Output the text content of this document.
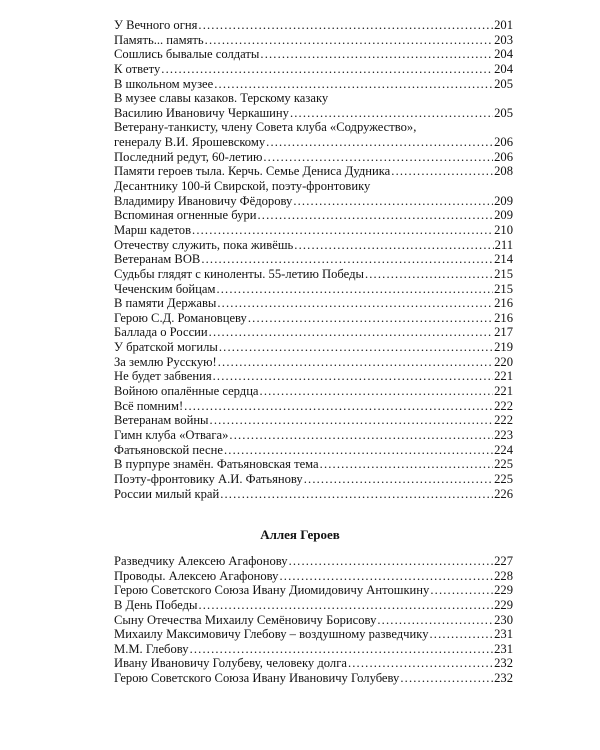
У Вечного огня . . .	201
Память... память . . .	203
Сошлись бывалые солдаты . . .	204
К ответу . . .	204
В школьном музее . . .	205
В музее славы казаков. Терскому казаку
Василию Ивановичу Черкашину . . .	205
Ветерану-танкисту, члену Совета клуба «Содружество»,
генералу В.И. Ярошевскому . . .	206
Последний редут, 60-летию . . .	206
Памяти героев тыла. Керчь. Семье Дениса Дудника . . .	208
Десантнику 100-й Свирской, поэту-фронтовику
Владимиру Ивановичу Фёдорову . . .	209
Вспоминая огненные бури . . .	209
Марш кадетов . . .	210
Отечеству служить, пока живёшь . . .	211
Ветеранам ВОВ . . .	214
Судьбы глядят с киноленты. 55-летию Победы . . .	215
Чеченским бойцам . . .	215
В памяти Державы . . .	216
Герою С.Д. Романовцеву . . .	216
Баллада о России . . .	217
У братской могилы . . .	219
За землю Русскую! . . .	220
Не будет забвения . . .	221
Войною опалённые сердца . . .	221
Всё помним! . . .	222
Ветеранам войны . . .	222
Гимн клуба «Отвага» . . .	223
Фатьяновской песне . . .	224
В пурпуре знамён. Фатьяновская тема . . .	225
Поэту-фронтовику А.И. Фатьянову . . .	225
России милый край . . .	226
Аллея Героев
Разведчику Алексею Агафонову . . .	227
Проводы. Алексею Агафонову . . .	228
Герою Советского Союза Ивану Диомидовичу Антошкину . . .	229
В День Победы . . .	229
Сыну Отечества Михаилу Семёновичу Борисову . . .	230
Михаилу Максимовичу Глебову – воздушному разведчику . . .	231
М.М. Глебову . . .	231
Ивану Ивановичу Голубеву, человеку долга . . .	232
Герою Советского Союза Ивану Ивановичу Голубеву . . .	232
